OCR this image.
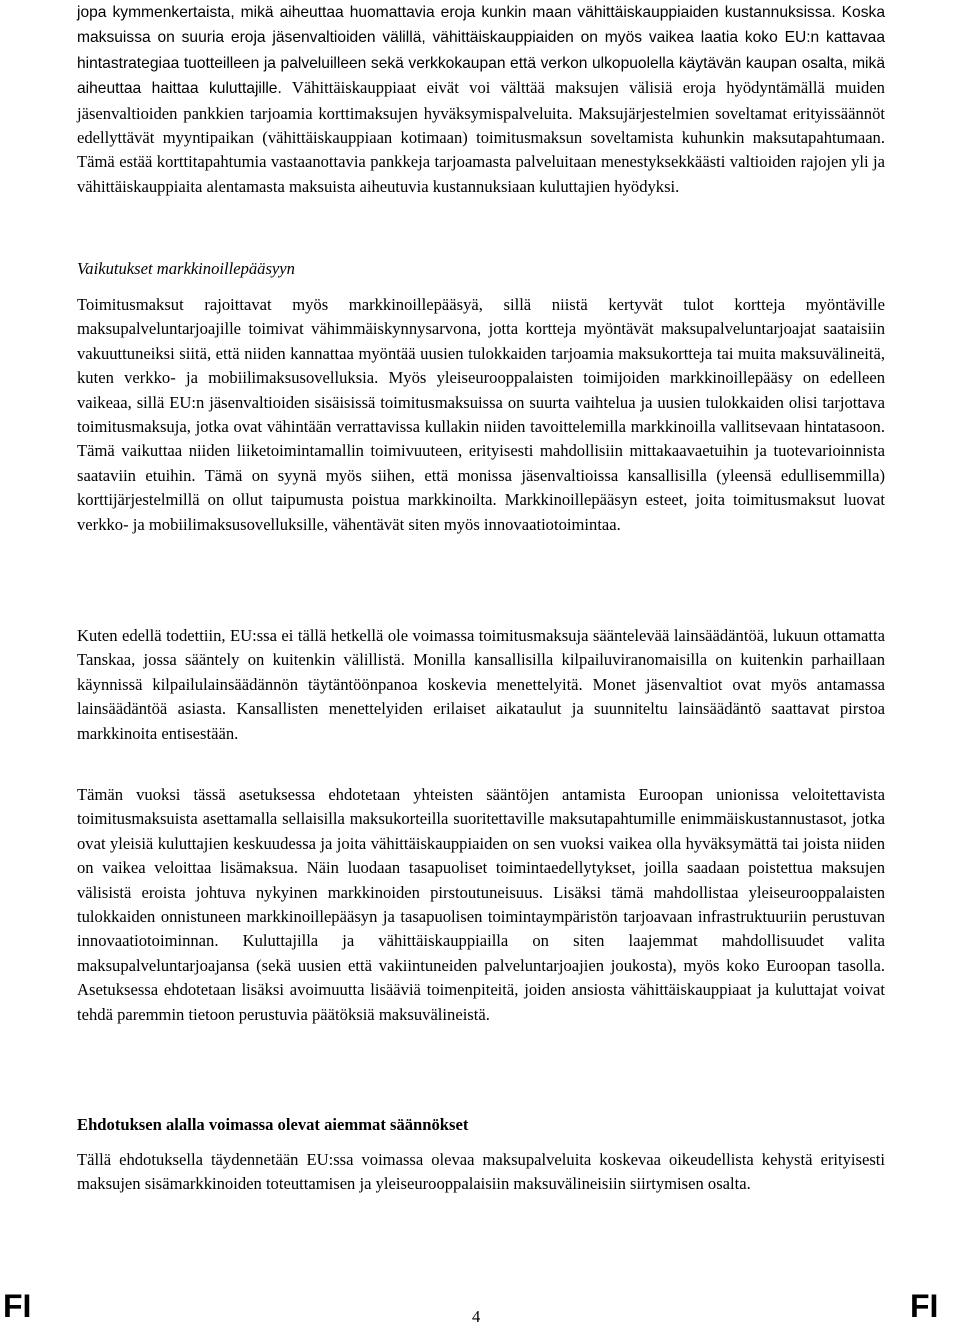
jopa kymmenkertaista, mikä aiheuttaa huomattavia eroja kunkin maan vähittäiskauppiaiden kustannuksissa. Koska maksuissa on suuria eroja jäsenvaltioiden välillä, vähittäiskauppiaiden on myös vaikea laatia koko EU:n kattavaa hintastrategiaa tuotteilleen ja palveluilleen sekä verkkokaupan että verkon ulkopuolella käytävän kaupan osalta, mikä aiheuttaa haittaa kuluttajille. Vähittäiskauppiaat eivät voi välttää maksujen välisiä eroja hyödyntämällä muiden jäsenvaltioiden pankkien tarjoamia korttimaksujen hyväksymispalveluita. Maksujärjestelmien soveltamat erityissäännöt edellyttävät myyntipaikan (vähittäiskauppiaan kotimaan) toimitusmaksun soveltamista kuhunkin maksutapahtumaan. Tämä estää korttitapahtumia vastaanottavia pankkeja tarjoamasta palveluitaan menestyksekkäästi valtioiden rajojen yli ja vähittäiskauppiaita alentamasta maksuista aiheutuvia kustannuksiaan kuluttajien hyödyksi.

Vaikutukset markkinoillepääsyyn

Toimitusmaksut rajoittavat myös markkinoillepääsyä, sillä niistä kertyvät tulot kortteja myöntäville maksupalveluntarjoajille toimivat vähimmäiskynnysarvona, jotta kortteja myöntävät maksupalveluntarjoajat saataisiin vakuuttuneiksi siitä, että niiden kannattaa myöntää uusien tulokkaiden tarjoamia maksukortteja tai muita maksuvälineitä, kuten verkko- ja mobiilimaksusovelluksia. Myös yleiseurooppalaisten toimijoiden markkinoillepääsy on edelleen vaikeaa, sillä EU:n jäsenvaltioiden sisäisissä toimitusmaksuissa on suurta vaihtelua ja uusien tulokkaiden olisi tarjottava toimitusmaksuja, jotka ovat vähintään verrattavissa kullakin niiden tavoittelemilla markkinoilla vallitsevaan hintatasoon. Tämä vaikuttaa niiden liiketoimintamallin toimivuuteen, erityisesti mahdollisiin mittakaavaetuihin ja tuotevarioinnista saataviin etuihin. Tämä on syynä myös siihen, että monissa jäsenvaltioissa kansallisilla (yleensä edullisemmilla) korttijärjestelmillä on ollut taipumusta poistua markkinoilta. Markkinoillepääsyn esteet, joita toimitusmaksut luovat verkko- ja mobiilimaksusovelluksille, vähentävät siten myös innovaatiotoimintaa.

Kuten edellä todettiin, EU:ssa ei tällä hetkellä ole voimassa toimitusmaksuja sääntelevää lainsäädäntöä, lukuun ottamatta Tanskaa, jossa sääntely on kuitenkin välillistä. Monilla kansallisilla kilpailuviranomaisilla on kuitenkin parhaillaan käynnissä kilpailulainsäädännön täytäntöönpanoa koskevia menettelyitä. Monet jäsenvaltiot ovat myös antamassa lainsäädäntöä asiasta. Kansallisten menettelyiden erilaiset aikataulut ja suunniteltu lainsäädäntö saattavat pirstoa markkinoita entisestään.

Tämän vuoksi tässä asetuksessa ehdotetaan yhteisten sääntöjen antamista Euroopan unionissa veloitettavista toimitusmaksuista asettamalla sellaisilla maksukorteilla suoritettaville maksutapahtumille enimmäiskustannustasot, jotka ovat yleisiä kuluttajien keskuudessa ja joita vähittäiskauppiaiden on sen vuoksi vaikea olla hyväksymättä tai joista niiden on vaikea veloittaa lisämaksua. Näin luodaan tasapuoliset toimintaedellytykset, joilla saadaan poistettua maksujen välisistä eroista johtuva nykyinen markkinoiden pirstoutuneisuus. Lisäksi tämä mahdollistaa yleiseurooppalaisten tulokkaiden onnistuneen markkinoillepääsyn ja tasapuolisen toimintaympäristön tarjoavaan infrastruktuuriin perustuvan innovaatiotoiminnan. Kuluttajilla ja vähittäiskauppiailla on siten laajemmat mahdollisuudet valita maksupalveluntarjoajansa (sekä uusien että vakiintuneiden palveluntarjoajien joukosta), myös koko Euroopan tasolla. Asetuksessa ehdotetaan lisäksi avoimuutta lisääviä toimenpiteitä, joiden ansiosta vähittäiskauppiaat ja kuluttajat voivat tehdä paremmin tietoon perustuvia päätöksiä maksuvälineistä.

Ehdotuksen alalla voimassa olevat aiemmat säännökset

Tällä ehdotuksella täydennetään EU:ssa voimassa olevaa maksupalveluita koskevaa oikeudellista kehystä erityisesti maksujen sisämarkkinoiden toteuttamisen ja yleiseurooppalaisiin maksuvälineisiin siirtymisen osalta.

FI	4	FI
